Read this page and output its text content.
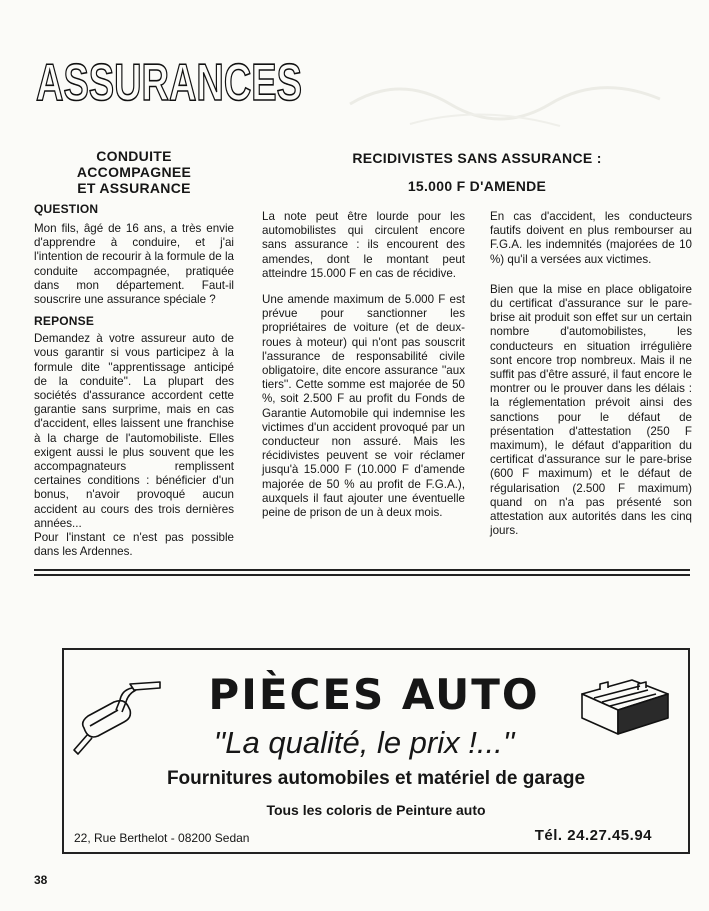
ASSURANCES
CONDUITE
ACCOMPAGNEE
ET ASSURANCE
QUESTION

Mon fils, âgé de 16 ans, a très envie d'apprendre à conduire, et j'ai l'intention de recourir à la formule de la conduite accompagnée, pratiquée dans mon département. Faut-il souscrire une assurance spéciale ?

REPONSE

Demandez à votre assureur auto de vous garantir si vous participez à la formule dite ''apprentissage anticipé de la conduite''. La plupart des sociétés d'assurance accordent cette garantie sans surprime, mais en cas d'accident, elles laissent une franchise à la charge de l'automobiliste. Elles exigent aussi le plus souvent que les accompagnateurs remplissent certaines conditions : bénéficier d'un bonus, n'avoir provoqué aucun accident au cours des trois dernières années...

Pour l'instant ce n'est pas possible dans les Ardennes.

RECIDIVISTES SANS ASSURANCE :
15.000 F D'AMENDE

La note peut être lourde pour les automobilistes qui circulent encore sans assurance : ils encourent des amendes, dont le montant peut atteindre 15.000 F en cas de récidive.

Une amende maximum de 5.000 F est prévue pour sanctionner les propriétaires de voiture (et de deux-roues à moteur) qui n'ont pas souscrit l'assurance de responsabilité civile obligatoire, dite encore assurance ''aux tiers''. Cette somme est majorée de 50 %, soit 2.500 F au profit du Fonds de Garantie Automobile qui indemnise les victimes d'un accident provoqué par un conducteur non assuré. Mais les récidivistes peuvent se voir réclamer jusqu'à 15.000 F (10.000 F d'amende majorée de 50 % au profit de F.G.A.), auxquels il faut ajouter une éventuelle peine de prison de un à deux mois.

En cas d'accident, les conducteurs fautifs doivent en plus rembourser au F.G.A. les indemnités (majorées de 10 %) qu'il a versées aux victimes.

Bien que la mise en place obligatoire du certificat d'assurance sur le pare-brise ait produit son effet sur un certain nombre d'automobilistes, les conducteurs en situation irrégulière sont encore trop nombreux. Mais il ne suffit pas d'être assuré, il faut encore le montrer ou le prouver dans les délais : la réglementation prévoit ainsi des sanctions pour le défaut de présentation d'attestation (250 F maximum), le défaut d'apparition du certificat d'assurance sur le pare-brise (600 F maximum) et le défaut de régularisation (2.500 F maximum) quand on n'a pas présenté son attestation aux autorités dans les cinq jours.

PIÈCES AUTO
''La qualité, le prix !...''
Fournitures automobiles et matériel de garage
Tous les coloris de Peinture auto
22, Rue Berthelot - 08200 Sedan	Tél. 24.27.45.94
38
